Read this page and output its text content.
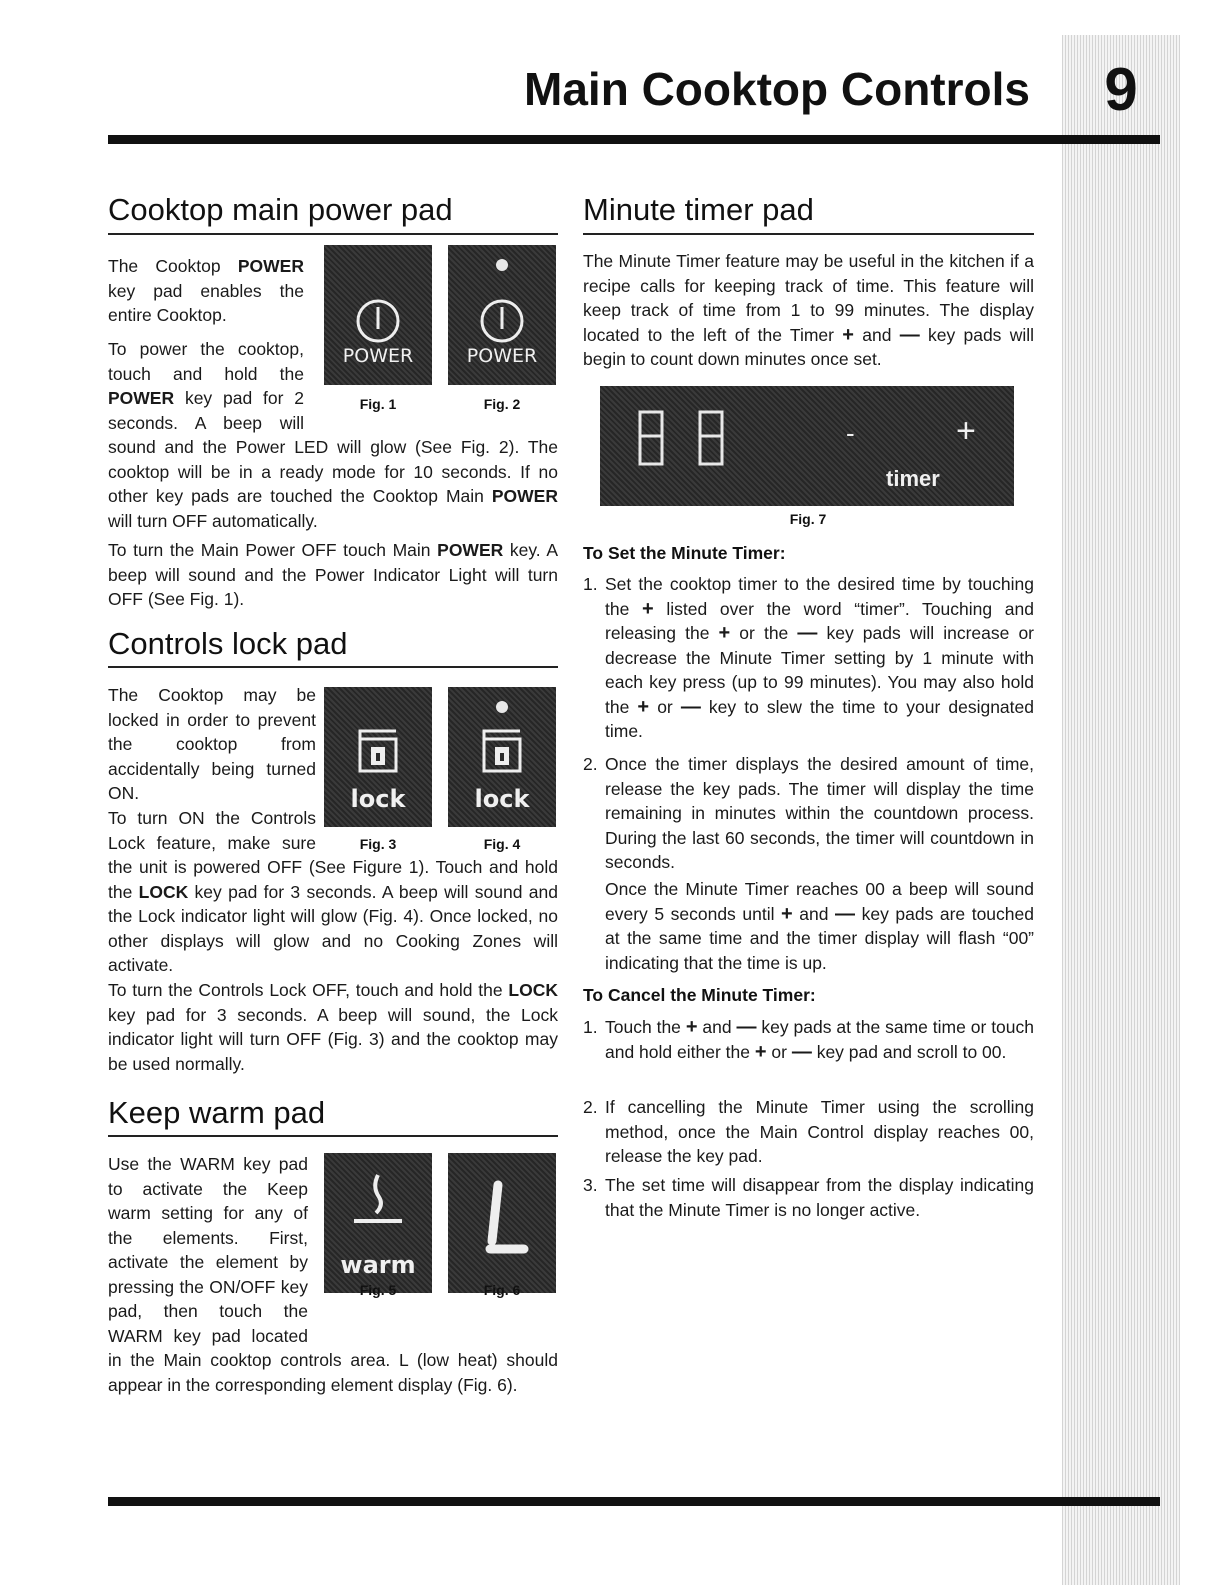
9
Main Cooktop Controls
Cooktop main power pad

The Cooktop POWER key pad enables the entire Cooktop.

To power the cooktop, touch and hold the POWER key pad for 2 seconds. A beep will sound and the Power LED will glow (See Fig. 2). The cooktop will be in a ready mode for 10 seconds. If no other key pads are touched the Cooktop Main POWER will turn OFF automatically.

To turn the Main Power OFF touch Main POWER key. A beep will sound and the Power Indicator Light will turn OFF (See Fig. 1).

POWER	POWER
Fig. 1	Fig. 2
Controls lock pad

The Cooktop may be locked in order to prevent the cooktop from accidentally being turned ON.

To turn ON the Controls Lock feature, make sure the unit is powered OFF (See Figure 1). Touch and hold the LOCK key pad for 3 seconds. A beep will sound and the Lock indicator light will glow (Fig. 4). Once locked, no other displays will glow and no Cooking Zones will activate.

To turn the Controls Lock OFF, touch and hold the LOCK key pad for 3 seconds. A beep will sound, the Lock indicator light will turn OFF (Fig. 3) and the cooktop may be used normally.

lock	lock
Fig. 3	Fig. 4
Keep warm pad
Use the WARM key pad to activate the Keep warm setting for any of the elements. First, activate the element by pressing the ON/OFF key pad, then touch the WARM key pad located in the Main cooktop controls area. L (low heat) should appear in the corresponding element display (Fig. 6).
warm
Fig. 5	Fig. 6
Minute timer pad

The Minute Timer feature may be useful in the kitchen if a recipe calls for keeping track of time. This feature will keep track of time from 1 to 99 minutes. The display located to the left of the Timer + and — key pads will begin to count down minutes once set.

-	+
timer
Fig. 7
To Set the Minute Timer:
1. Set the cooktop timer to the desired time by touching the + listed over the word “timer”. Touching and releasing the + or the — key pads will increase or decrease the Minute Timer setting by 1 minute with each key press (up to 99 minutes). You may also hold the + or — key to slew the time to your designated time.

2. Once the timer displays the desired amount of time, release the key pads. The timer will display the time remaining in minutes within the countdown process. During the last 60 seconds, the timer will countdown in seconds.

Once the Minute Timer reaches 00 a beep will sound every 5 seconds until + and — key pads are touched at the same time and the timer display will flash “00” indicating that the time is up.

To Cancel the Minute Timer:
1. Touch the + and — key pads at the same time or touch and hold either the + or — key pad and scroll to 00.

2. If cancelling the Minute Timer using the scrolling method, once the Main Control display reaches 00, release the key pad.

3. The set time will disappear from the display indicating that the Minute Timer is no longer active.
